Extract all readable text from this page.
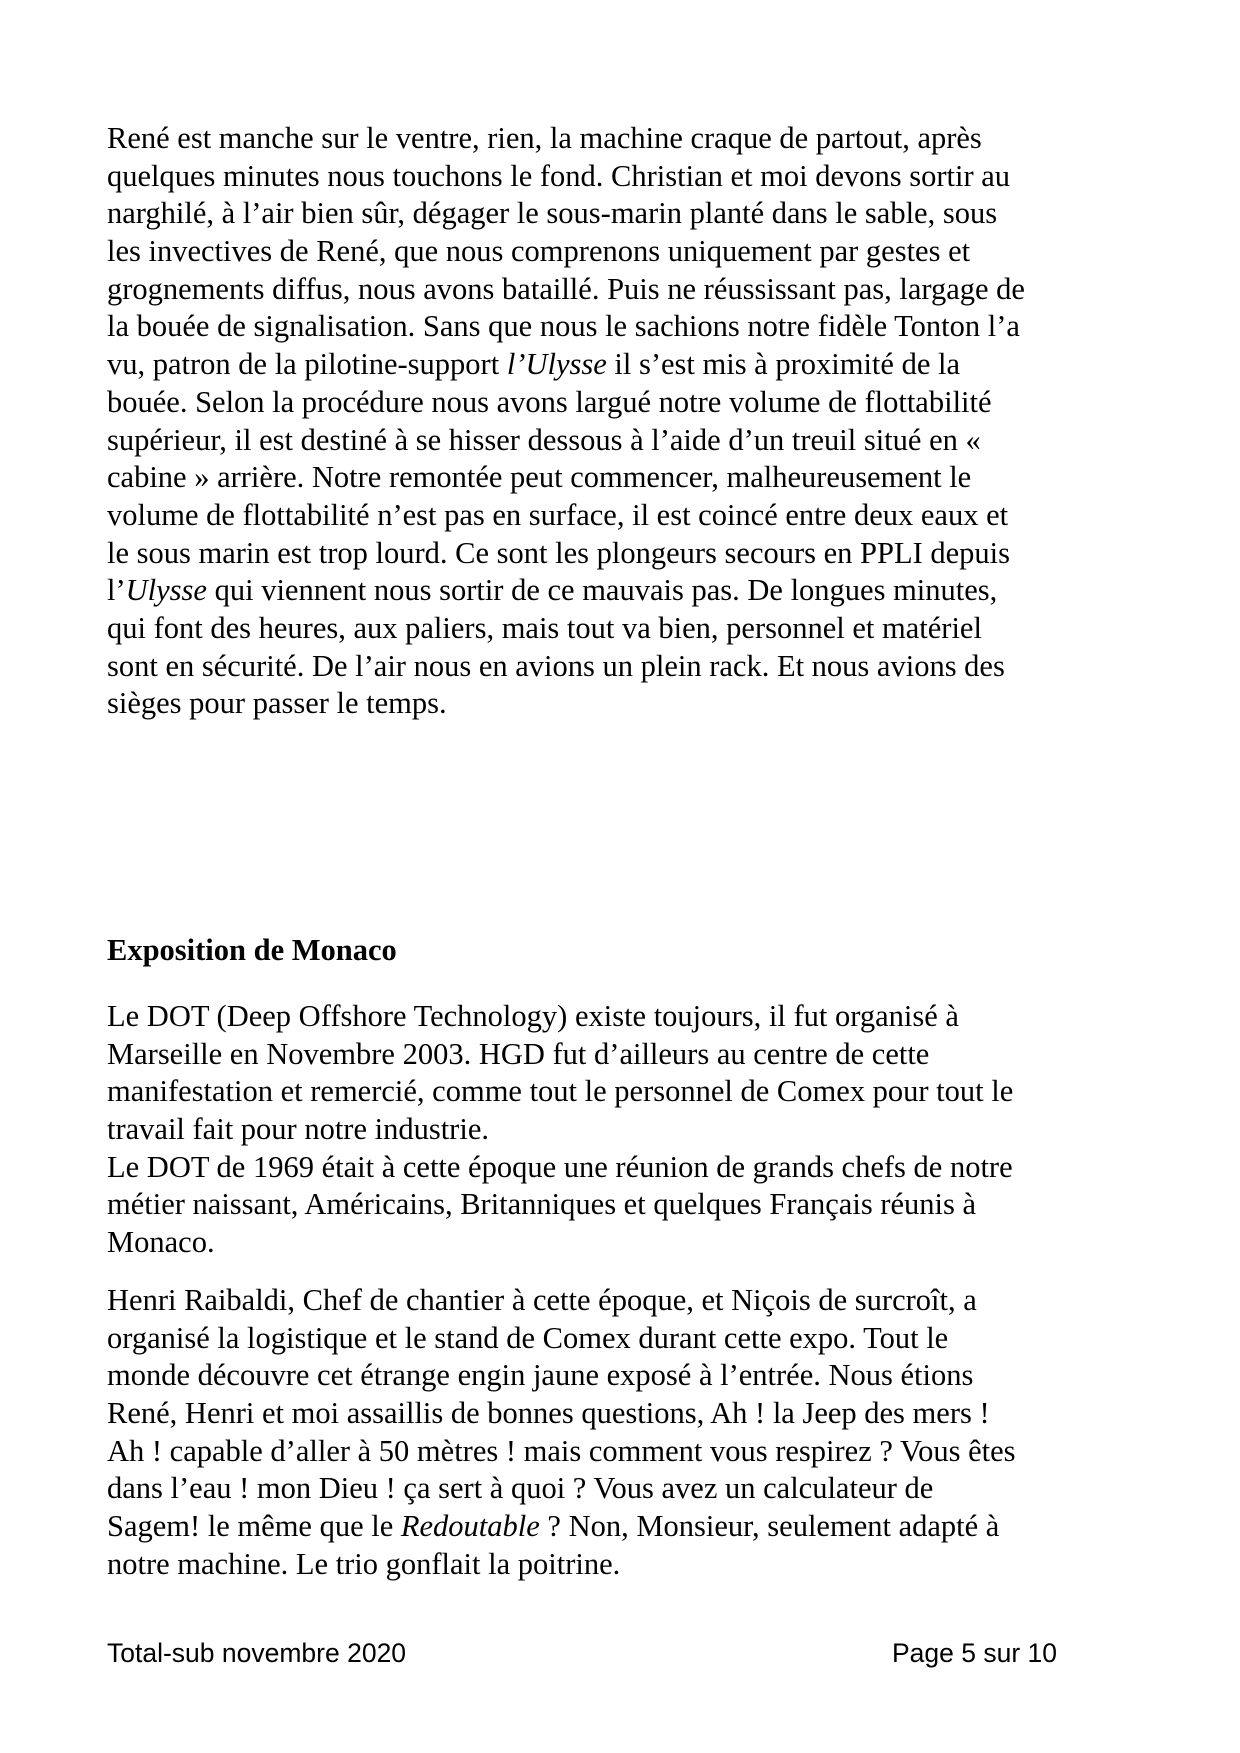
René est manche sur le ventre, rien, la machine craque de partout, après
quelques minutes nous touchons le fond. Christian et moi devons sortir au
narghilé, à l’air bien sûr, dégager le sous-marin planté dans le sable, sous
les invectives de René, que nous comprenons uniquement par gestes et
grognements diffus, nous avons bataillé. Puis ne réussissant pas, largage de
la bouée de signalisation. Sans que nous le sachions notre fidèle Tonton l’a
vu, patron de la pilotine-support l’Ulysse il s’est mis à proximité de la
bouée. Selon la procédure nous avons largué notre volume de flottabilité
supérieur, il est destiné à se hisser dessous à l’aide d’un treuil situé en «
cabine » arrière. Notre remontée peut commencer, malheureusement le
volume de flottabilité n’est pas en surface, il est coincé entre deux eaux et
le sous marin est trop lourd. Ce sont les plongeurs secours en PPLI depuis
l’Ulysse qui viennent nous sortir de ce mauvais pas. De longues minutes,
qui font des heures, aux paliers, mais tout va bien, personnel et matériel
sont en sécurité. De l’air nous en avions un plein rack. Et nous avions des
sièges pour passer le temps.
Exposition de Monaco
Le DOT (Deep Offshore Technology) existe toujours, il fut organisé à
Marseille en Novembre 2003. HGD fut d’ailleurs au centre de cette
manifestation et remercié, comme tout le personnel de Comex pour tout le
travail fait pour notre industrie.
Le DOT de 1969 était à cette époque une réunion de grands chefs de notre
métier naissant, Américains, Britanniques et quelques Français réunis à
Monaco.
Henri Raibaldi, Chef de chantier à cette époque, et Niçois de surcroît, a
organisé la logistique et le stand de Comex durant cette expo. Tout le
monde découvre cet étrange engin jaune exposé à l’entrée. Nous étions
René, Henri et moi assaillis de bonnes questions, Ah ! la Jeep des mers !
Ah ! capable d’aller à 50 mètres ! mais comment vous respirez ? Vous êtes
dans l’eau ! mon Dieu ! ça sert à quoi ? Vous avez un calculateur de
Sagem! le même que le Redoutable ? Non, Monsieur, seulement adapté à
notre machine. Le trio gonflait la poitrine.
Total-sub novembre 2020	Page 5 sur 10
